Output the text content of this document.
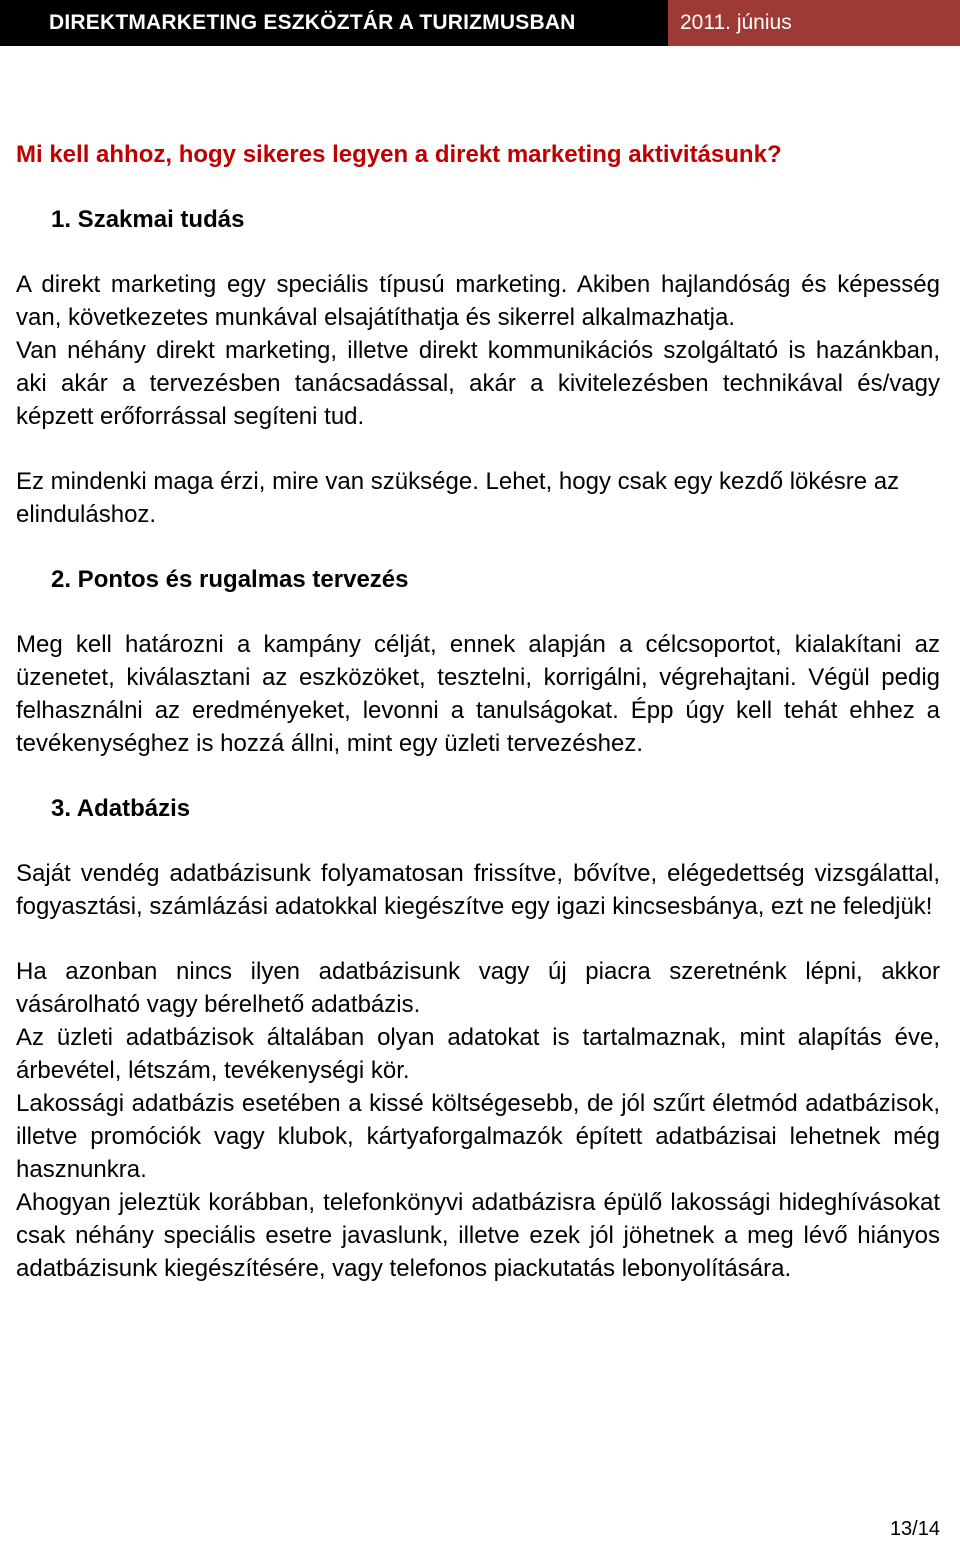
DIREKTMARKETING ESZKÖZTÁR A TURIZMUSBAN	2011. június

Mi kell ahhoz, hogy sikeres legyen a direkt marketing aktivitásunk?

1. Szakmai tudás

A direkt marketing egy speciális típusú marketing. Akiben hajlandóság és képesség van, következetes munkával elsajátíthatja és sikerrel alkalmazhatja.

Van néhány direkt marketing, illetve direkt kommunikációs szolgáltató is hazánkban, aki akár a tervezésben tanácsadással, akár a kivitelezésben technikával és/vagy képzett erőforrással segíteni tud.

Ez mindenki maga érzi, mire van szüksége. Lehet, hogy csak egy kezdő lökésre az elinduláshoz.

2. Pontos és rugalmas tervezés

Meg kell határozni a kampány célját, ennek alapján a célcsoportot, kialakítani az üzenetet, kiválasztani az eszközöket, tesztelni, korrigálni, végrehajtani. Végül pedig felhasználni az eredményeket, levonni a tanulságokat. Épp úgy kell tehát ehhez a tevékenységhez is hozzá állni, mint egy üzleti tervezéshez.

3. Adatbázis

Saját vendég adatbázisunk folyamatosan frissítve, bővítve, elégedettség vizsgálattal, fogyasztási, számlázási adatokkal kiegészítve egy igazi kincsesbánya, ezt ne feledjük!

Ha azonban nincs ilyen adatbázisunk vagy új piacra szeretnénk lépni, akkor vásárolható vagy bérelhető adatbázis.

Az üzleti adatbázisok általában olyan adatokat is tartalmaznak, mint alapítás éve, árbevétel, létszám, tevékenységi kör.

Lakossági adatbázis esetében a kissé költségesebb, de jól szűrt életmód adatbázisok, illetve promóciók vagy klubok, kártyaforgalmazók épített adatbázisai lehetnek még hasznunkra.

Ahogyan jeleztük korábban, telefonkönyvi adatbázisra épülő lakossági hideghívásokat csak néhány speciális esetre javaslunk, illetve ezek jól jöhetnek a meg lévő hiányos adatbázisunk kiegészítésére, vagy telefonos piackutatás lebonyolítására.

13/14
